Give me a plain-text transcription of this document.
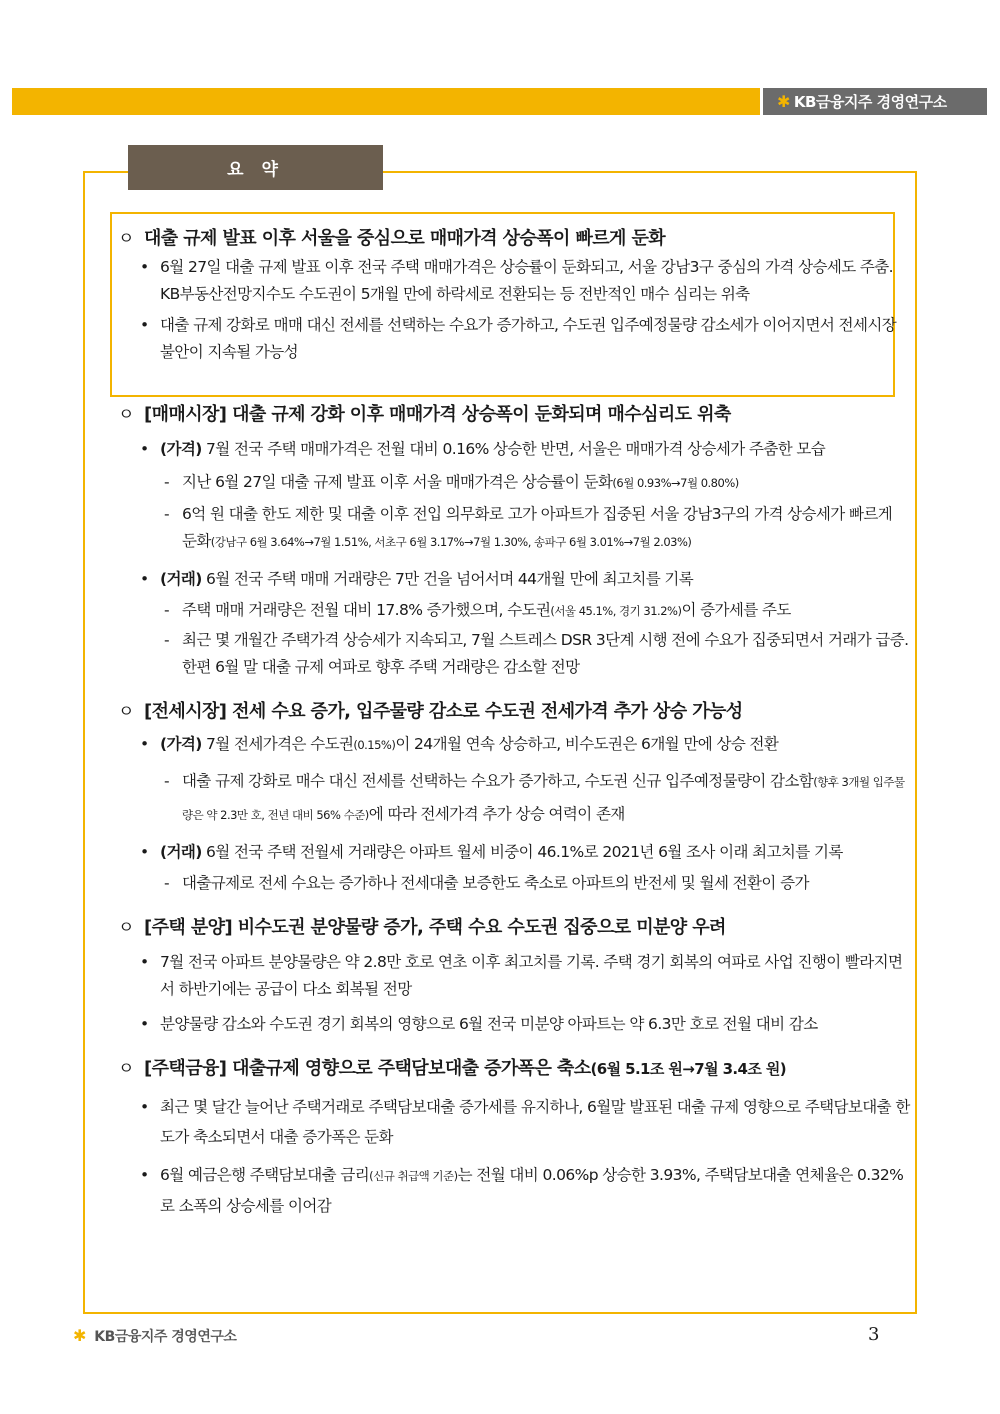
✱ KB금융지주 경영연구소
요 약
ㅇ 대출 규제 발표 이후 서울을 중심으로 매매가격 상승폭이 빠르게 둔화
• 6월 27일 대출 규제 발표 이후 전국 주택 매매가격은 상승률이 둔화되고, 서울 강남3구 중심의 가격 상승세도 주춤. KB부동산전망지수도 수도권이 5개월 만에 하락세로 전환되는 등 전반적인 매수 심리는 위축
• 대출 규제 강화로 매매 대신 전세를 선택하는 수요가 증가하고, 수도권 입주예정물량 감소세가 이어지면서 전세시장 불안이 지속될 가능성
ㅇ [매매시장] 대출 규제 강화 이후 매매가격 상승폭이 둔화되며 매수심리도 위축
• (가격) 7월 전국 주택 매매가격은 전월 대비 0.16% 상승한 반면, 서울은 매매가격 상승세가 주춤한 모습
- 지난 6월 27일 대출 규제 발표 이후 서울 매매가격은 상승률이 둔화(6월 0.93%→7월 0.80%)
- 6억 원 대출 한도 제한 및 대출 이후 전입 의무화로 고가 아파트가 집중된 서울 강남3구의 가격 상승세가 빠르게 둔화(강남구 6월 3.64%→7월 1.51%, 서초구 6월 3.17%→7월 1.30%, 송파구 6월 3.01%→7월 2.03%)
• (거래) 6월 전국 주택 매매 거래량은 7만 건을 넘어서며 44개월 만에 최고치를 기록
- 주택 매매 거래량은 전월 대비 17.8% 증가했으며, 수도권(서울 45.1%, 경기 31.2%)이 증가세를 주도
- 최근 몇 개월간 주택가격 상승세가 지속되고, 7월 스트레스 DSR 3단계 시행 전에 수요가 집중되면서 거래가 급증. 한편 6월 말 대출 규제 여파로 향후 주택 거래량은 감소할 전망
ㅇ [전세시장] 전세 수요 증가, 입주물량 감소로 수도권 전세가격 추가 상승 가능성
• (가격) 7월 전세가격은 수도권(0.15%)이 24개월 연속 상승하고, 비수도권은 6개월 만에 상승 전환
- 대출 규제 강화로 매수 대신 전세를 선택하는 수요가 증가하고, 수도권 신규 입주예정물량이 감소함(향후 3개월 입주물량은 약 2.3만 호, 전년 대비 56% 수준)에 따라 전세가격 추가 상승 여력이 존재
• (거래) 6월 전국 주택 전월세 거래량은 아파트 월세 비중이 46.1%로 2021년 6월 조사 이래 최고치를 기록
- 대출규제로 전세 수요는 증가하나 전세대출 보증한도 축소로 아파트의 반전세 및 월세 전환이 증가
ㅇ [주택 분양] 비수도권 분양물량 증가, 주택 수요 수도권 집중으로 미분양 우려
• 7월 전국 아파트 분양물량은 약 2.8만 호로 연초 이후 최고치를 기록. 주택 경기 회복의 여파로 사업 진행이 빨라지면서 하반기에는 공급이 다소 회복될 전망
• 분양물량 감소와 수도권 경기 회복의 영향으로 6월 전국 미분양 아파트는 약 6.3만 호로 전월 대비 감소
ㅇ [주택금융] 대출규제 영향으로 주택담보대출 증가폭은 축소(6월 5.1조 원→7월 3.4조 원)
• 최근 몇 달간 늘어난 주택거래로 주택담보대출 증가세를 유지하나, 6월말 발표된 대출 규제 영향으로 주택담보대출 한도가 축소되면서 대출 증가폭은 둔화
• 6월 예금은행 주택담보대출 금리(신규 취급액 기준)는 전월 대비 0.06%p 상승한 3.93%, 주택담보대출 연체율은 0.32%로 소폭의 상승세를 이어감
✱ KB금융지주 경영연구소	3
